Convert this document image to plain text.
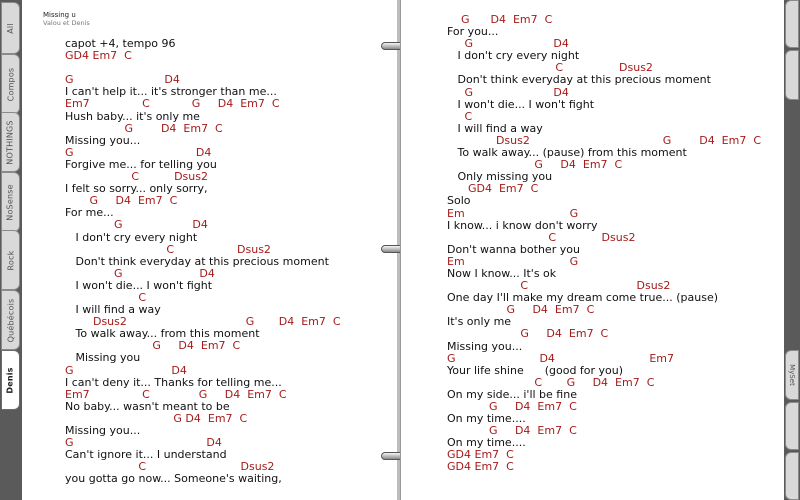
All
Compos
NOTHINGS
NoSense
Rock
Québécois
Denis
capot +4, tempo 96
GD4 Em7  C
G                          D4
I can't help it... it's stronger than me...
Em7               C            G     D4  Em7  C
Hush baby... it's only me
G        D4  Em7  C
Missing you...
G                                   D4
Forgive me... for telling you
C          Dsus2
I felt so sorry... only sorry,
G     D4  Em7  C
For me...
G                    D4
I don't cry every night
C                  Dsus2
Don't think everyday at this precious moment
G                      D4
I won't die... I won't fight
C
I will find a way
Dsus2                                  G       D4  Em7  C
To walk away... from this moment
G     D4  Em7  C
Missing you
G                            D4
I can't deny it... Thanks for telling me...
Em7               C              G     D4  Em7  C
No baby... wasn't meant to be
G D4  Em7  C
Missing you...
G                                      D4
Can't ignore it... I understand
C                           Dsus2
you gotta go now... Someone's waiting,
Missing u
Valou et Denis	G      D4  Em7  C
For you...
G                       D4
I don't cry every night
C                Dsus2
Don't think everyday at this precious moment
G                       D4
I won't die... I won't fight
C
I will find a way
Dsus2                                      G        D4  Em7  C
To walk away... (pause) from this moment
G     D4  Em7  C
Only missing you
GD4  Em7  C
Solo
Em                              G
I know... i know don't worry
C             Dsus2
Don't wanna bother you
Em                              G
Now I know... It's ok
C                               Dsus2
One day I'll make my dream come true... (pause)
G     D4  Em7  C
It's only me
G     D4  Em7  C
Missing you...
G                        D4                           Em7
Your life shine      (good for you)
C       G     D4  Em7  C
On my side... i'll be fine
G     D4  Em7  C
On my time....
G     D4  Em7  C
On my time....
GD4 Em7  C
GD4 Em7  C
MySet
